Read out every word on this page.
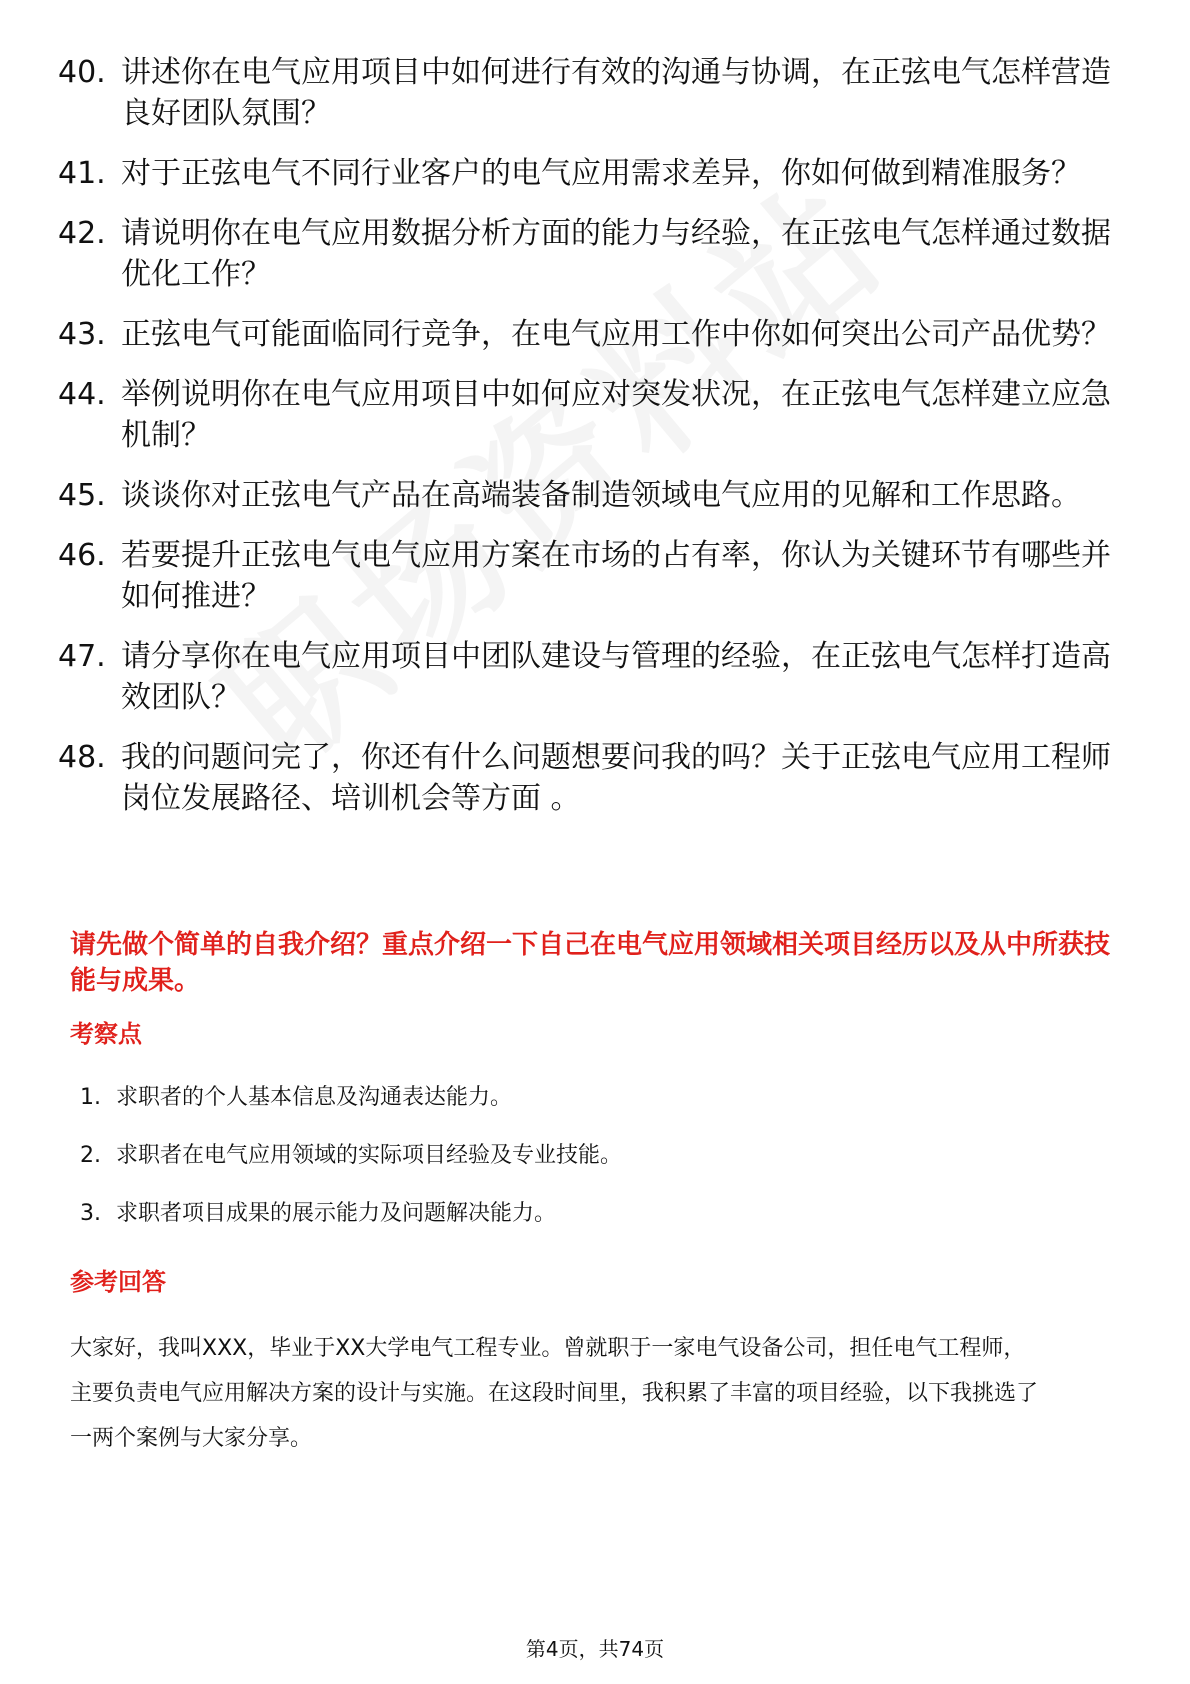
40. 讲述你在电气应用项目中如何进行有效的沟通与协调，在正弦电气怎样营造良好团队氛围？
41. 对于正弦电气不同行业客户的电气应用需求差异，你如何做到精准服务？
42. 请说明你在电气应用数据分析方面的能力与经验，在正弦电气怎样通过数据优化工作？
43. 正弦电气可能面临同行竞争，在电气应用工作中你如何突出公司产品优势？
44. 举例说明你在电气应用项目中如何应对突发状况，在正弦电气怎样建立应急机制？
45. 谈谈你对正弦电气产品在高端装备制造领域电气应用的见解和工作思路。
46. 若要提升正弦电气电气应用方案在市场的占有率，你认为关键环节有哪些并如何推进？
47. 请分享你在电气应用项目中团队建设与管理的经验，在正弦电气怎样打造高效团队？
48. 我的问题问完了，你还有什么问题想要问我的吗？关于正弦电气应用工程师岗位发展路径、培训机会等方面 。
请先做个简单的自我介绍？重点介绍一下自己在电气应用领域相关项目经历以及从中所获技能与成果。
考察点
1. 求职者的个人基本信息及沟通表达能力。
2. 求职者在电气应用领域的实际项目经验及专业技能。
3. 求职者项目成果的展示能力及问题解决能力。
参考回答

大家好，我叫XXX，毕业于XX大学电气工程专业。曾就职于一家电气设备公司，担任电气工程师，主要负责电气应用解决方案的设计与实施。在这段时间里，我积累了丰富的项目经验，以下我挑选了一两个案例与大家分享。

第4页，共74页
